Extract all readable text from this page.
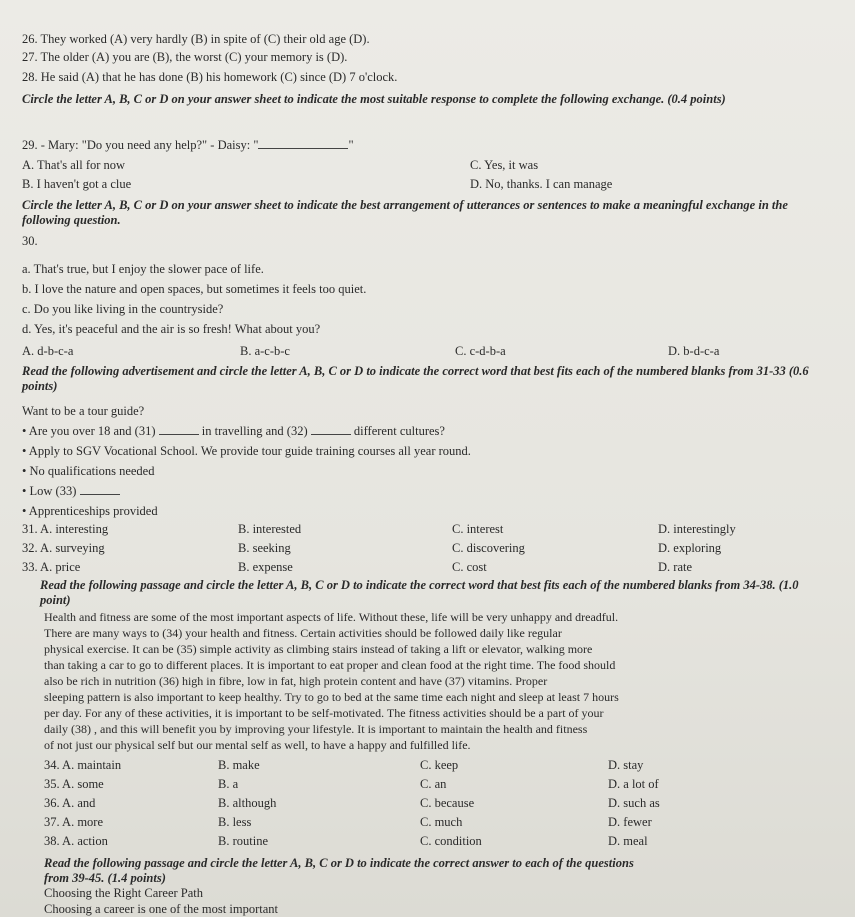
26. They worked (A) very hardly (B) in spite of (C) their old age (D).
27. The older (A) you are (B), the worst (C) your memory is (D).
28. He said (A) that he has done (B) his homework (C) since (D) 7 o'clock.
Circle the letter A, B, C or D on your answer sheet to indicate the most suitable response to complete the following exchange. (0.4 points)
29. - Mary: "Do you need any help?" - Daisy: "	"
A. That's all for now	C. Yes, it was
B. I haven't got a clue	D. No, thanks. I can manage
Circle the letter A, B, C or D on your answer sheet to indicate the best arrangement of utterances or sentences to make a meaningful exchange in the following question.
30.
a. That's true, but I enjoy the slower pace of life.
b. I love the nature and open spaces, but sometimes it feels too quiet.
c. Do you like living in the countryside?
d. Yes, it's peaceful and the air is so fresh! What about you?
A. d-b-c-a	B. a-c-b-c	C. c-d-b-a	D. b-d-c-a
Read the following advertisement and circle the letter A, B, C or D to indicate the correct word that best fits each of the numbered blanks from 31-33 (0.6 points)
Want to be a tour guide?
• Are you over 18 and (31)	in travelling and (32)	different cultures?
• Apply to SGV Vocational School. We provide tour guide training courses all year round.
• No qualifications needed
• Low (33)
• Apprenticeships provided
31. A. interesting	B. interested	C. interest	D. interestingly
32. A. surveying	B. seeking	C. discovering	D. exploring
33. A. price	B. expense	C. cost	D. rate
Read the following passage and circle the letter A, B, C or D to indicate the correct word that best fits each of the numbered blanks from 34-38. (1.0 point)
Health and fitness are some of the most important aspects of life. Without these, life will be very unhappy and dreadful.
There are many ways to (34) your health and fitness. Certain activities should be followed daily like regular
physical exercise. It can be (35) simple activity as climbing stairs instead of taking a lift or elevator, walking more
than taking a car to go to different places. It is important to eat proper and clean food at the right time. The food should
also be rich in nutrition (36) high in fibre, low in fat, high protein content and have (37) vitamins. Proper
sleeping pattern is also important to keep healthy. Try to go to bed at the same time each night and sleep at least 7 hours
per day. For any of these activities, it is important to be self-motivated. The fitness activities should be a part of your
daily (38) , and this will benefit you by improving your lifestyle. It is important to maintain the health and fitness
of not just our physical self but our mental self as well, to have a happy and fulfilled life.
34. A. maintain	B. make	C. keep	D. stay
35. A. some	B. a	C. an	D. a lot of
36. A. and	B. although	C. because	D. such as
37. A. more	B. less	C. much	D. fewer
38. A. action	B. routine	C. condition	D. meal
Read the following passage and circle the letter A, B, C or D to indicate the correct answer to each of the questions
from 39-45. (1.4 points)
Choosing the Right Career Path
Choosing a career is one of the most important
